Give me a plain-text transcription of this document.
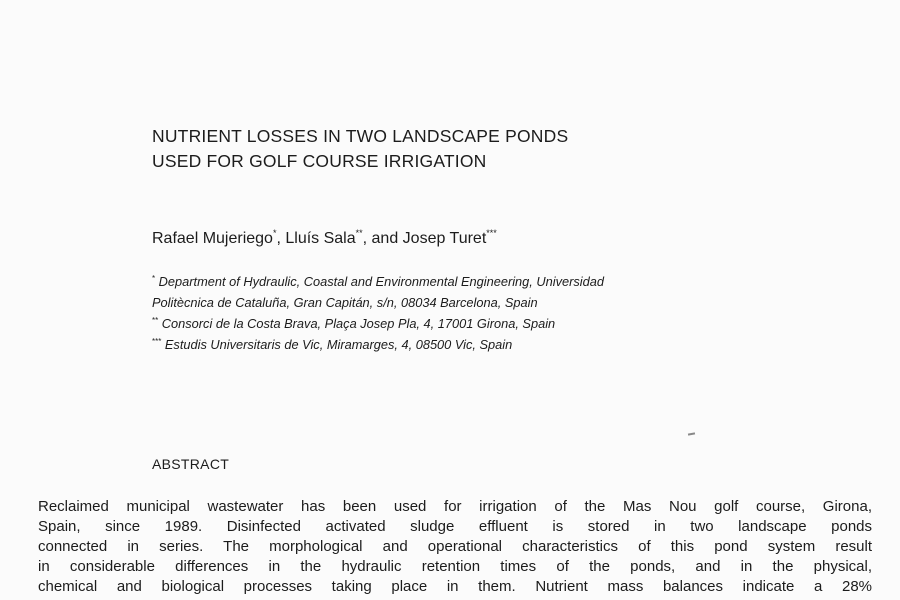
NUTRIENT LOSSES IN TWO LANDSCAPE PONDS
USED FOR GOLF COURSE IRRIGATION

Rafael Mujeriego*, Lluís Sala**, and Josep Turet***

* Department of Hydraulic, Coastal and Environmental Engineering, Universidad
Politècnica de Cataluña, Gran Capitán, s/n, 08034 Barcelona, Spain
** Consorci de la Costa Brava, Plaça Josep Pla, 4, 17001 Girona, Spain
*** Estudis Universitaris de Vic, Miramarges, 4, 08500 Vic, Spain
ABSTRACT
Reclaimed municipal wastewater has been used for irrigation of the Mas Nou golf course, Girona,
Spain, since 1989. Disinfected activated sludge effluent is stored in two landscape ponds
connected in series. The morphological and operational characteristics of this pond system result
in considerable differences in the hydraulic retention times of the ponds, and in the physical,
chemical and biological processes taking place in them. Nutrient mass balances indicate a 28%
